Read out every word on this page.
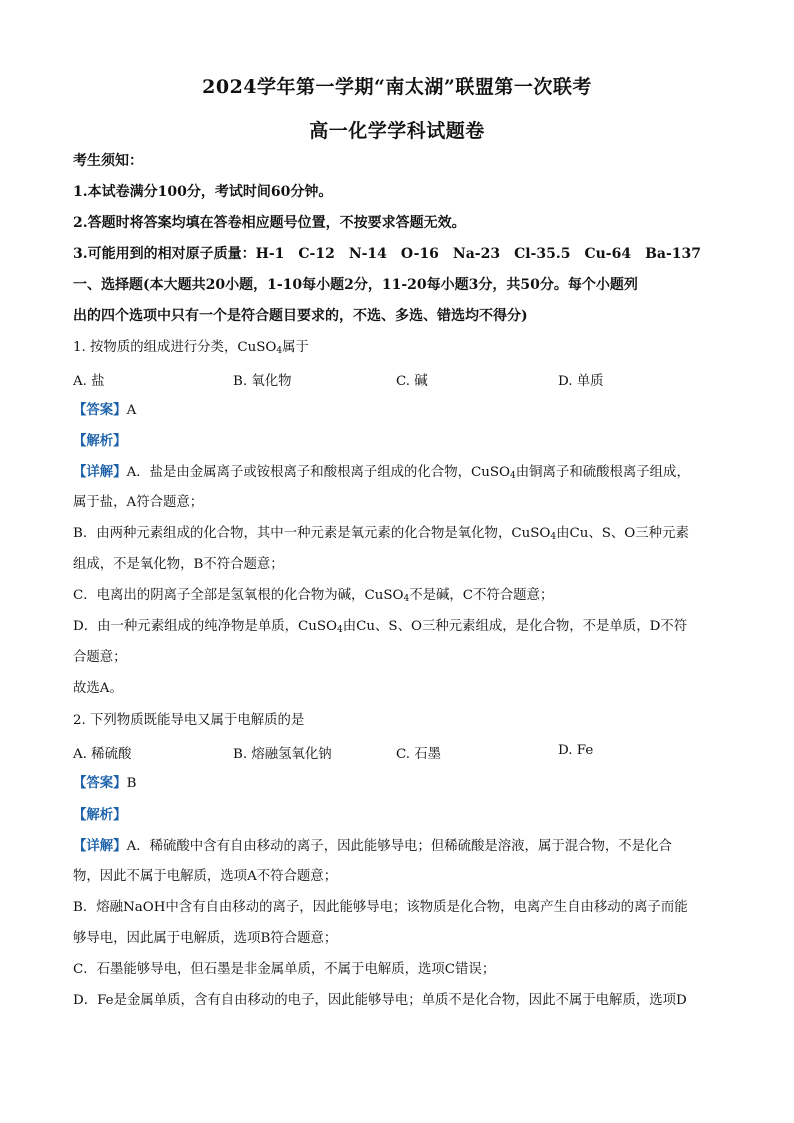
2024学年第一学期“南太湖”联盟第一次联考
高一化学学科试题卷
考生须知：
1.本试卷满分100分，考试时间60分钟。
2.答题时将答案均填在答卷相应题号位置，不按要求答题无效。
3.可能用到的相对原子质量：H-1　C-12　N-14　O-16　Na-23　Cl-35.5　Cu-64　Ba-137
一、选择题(本大题共20小题，1-10每小题2分，11-20每小题3分，共50分。每个小题列
出的四个选项中只有一个是符合题目要求的，不选、多选、错选均不得分)
1. 按物质的组成进行分类，CuSO$_4$属于
A. 盐	B. 氧化物	C. 碱	D. 单质
【答案】A
【解析】
【详解】A．盐是由金属离子或铵根离子和酸根离子组成的化合物，CuSO$_4$由铜离子和硫酸根离子组成，
属于盐，A符合题意；
B．由两种元素组成的化合物，其中一种元素是氧元素的化合物是氧化物，CuSO$_4$由Cu、S、O三种元素
组成，不是氧化物，B不符合题意；
C．电离出的阴离子全部是氢氧根的化合物为碱，CuSO$_4$不是碱，C不符合题意；
D．由一种元素组成的纯净物是单质，CuSO$_4$由Cu、S、O三种元素组成，是化合物，不是单质，D不符
合题意；
故选A。
2. 下列物质既能导电又属于电解质的是
A. 稀硫酸	B. 熔融氢氧化钠	C. 石墨	D. Fe
【答案】B
【解析】
【详解】A．稀硫酸中含有自由移动的离子，因此能够导电；但稀硫酸是溶液，属于混合物，不是化合
物，因此不属于电解质，选项A不符合题意；
B．熔融NaOH中含有自由移动的离子，因此能够导电；该物质是化合物，电离产生自由移动的离子而能
够导电，因此属于电解质，选项B符合题意；
C．石墨能够导电，但石墨是非金属单质，不属于电解质，选项C错误；
D．Fe是金属单质，含有自由移动的电子，因此能够导电；单质不是化合物，因此不属于电解质，选项D
